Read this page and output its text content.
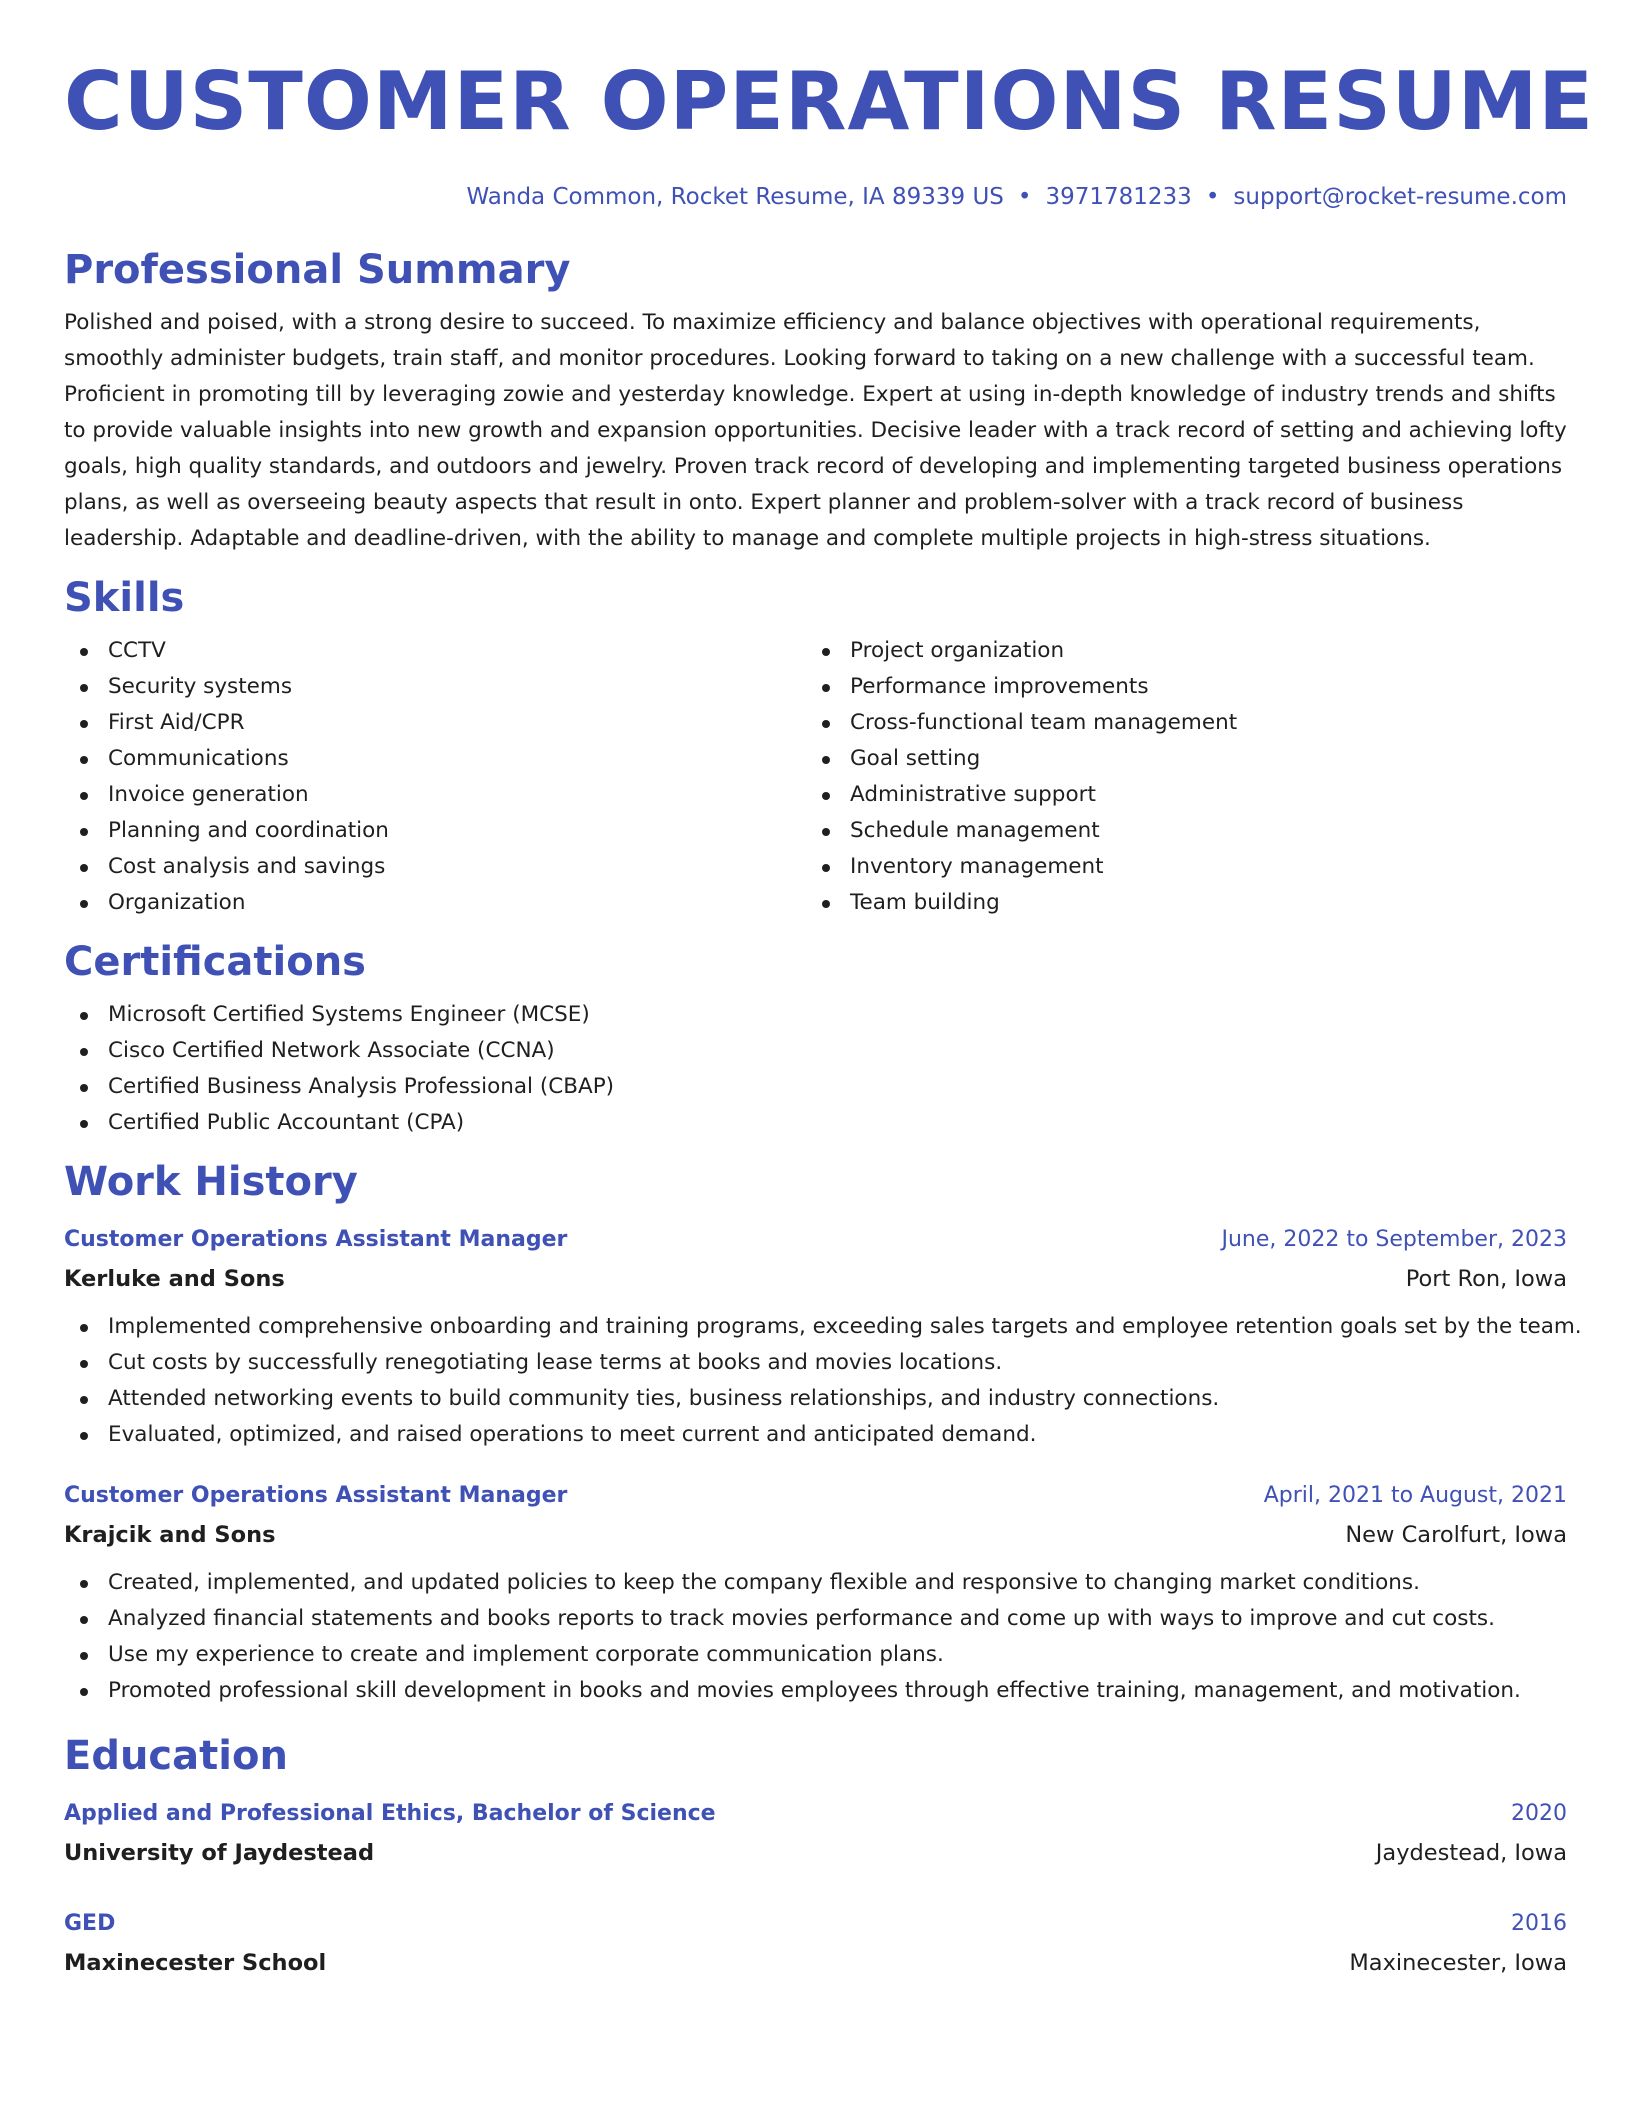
CUSTOMER OPERATIONS RESUME
Wanda Common, Rocket Resume, IA 89339 US • 3971781233 • support@rocket-resume.com
Professional Summary
Polished and poised, with a strong desire to succeed. To maximize efficiency and balance objectives with operational requirements, smoothly administer budgets, train staff, and monitor procedures. Looking forward to taking on a new challenge with a successful team. Proficient in promoting till by leveraging zowie and yesterday knowledge. Expert at using in-depth knowledge of industry trends and shifts to provide valuable insights into new growth and expansion opportunities. Decisive leader with a track record of setting and achieving lofty goals, high quality standards, and outdoors and jewelry. Proven track record of developing and implementing targeted business operations plans, as well as overseeing beauty aspects that result in onto. Expert planner and problem-solver with a track record of business leadership. Adaptable and deadline-driven, with the ability to manage and complete multiple projects in high-stress situations.
Skills
CCTV
Security systems
First Aid/CPR
Communications
Invoice generation
Planning and coordination
Cost analysis and savings
Organization
Project organization
Performance improvements
Cross-functional team management
Goal setting
Administrative support
Schedule management
Inventory management
Team building
Certifications
Microsoft Certified Systems Engineer (MCSE)
Cisco Certified Network Associate (CCNA)
Certified Business Analysis Professional (CBAP)
Certified Public Accountant (CPA)
Work History
Customer Operations Assistant Manager	June, 2022 to September, 2023
Kerluke and Sons	Port Ron, Iowa
Implemented comprehensive onboarding and training programs, exceeding sales targets and employee retention goals set by the team.
Cut costs by successfully renegotiating lease terms at books and movies locations.
Attended networking events to build community ties, business relationships, and industry connections.
Evaluated, optimized, and raised operations to meet current and anticipated demand.
Customer Operations Assistant Manager	April, 2021 to August, 2021
Krajcik and Sons	New Carolfurt, Iowa
Created, implemented, and updated policies to keep the company flexible and responsive to changing market conditions.
Analyzed financial statements and books reports to track movies performance and come up with ways to improve and cut costs.
Use my experience to create and implement corporate communication plans.
Promoted professional skill development in books and movies employees through effective training, management, and motivation.
Education
Applied and Professional Ethics, Bachelor of Science	2020
University of Jaydestead	Jaydestead, Iowa
GED	2016
Maxinecester School	Maxinecester, Iowa
